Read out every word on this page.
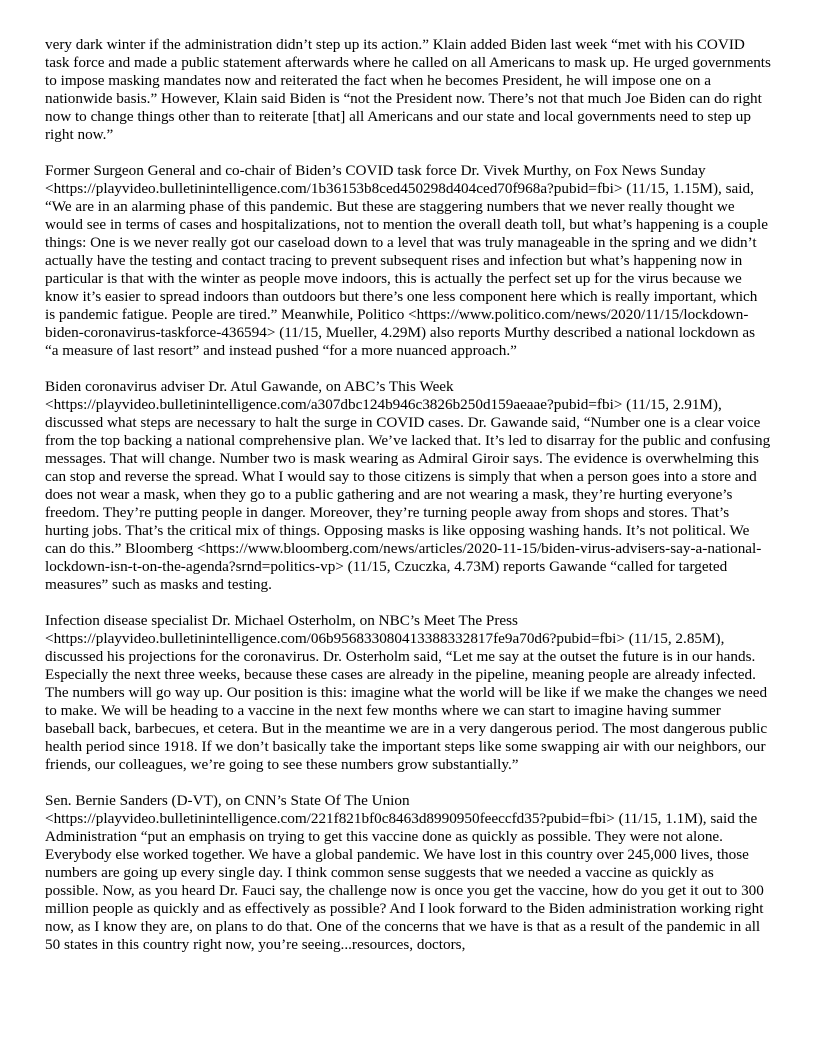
very dark winter if the administration didn’t step up its action.” Klain added Biden last week “met with his COVID task force and made a public statement afterwards where he called on all Americans to mask up. He urged governments to impose masking mandates now and reiterated the fact when he becomes President, he will impose one on a nationwide basis.” However, Klain said Biden is “not the President now. There’s not that much Joe Biden can do right now to change things other than to reiterate [that] all Americans and our state and local governments need to step up right now.”

Former Surgeon General and co-chair of Biden’s COVID task force Dr. Vivek Murthy, on Fox News Sunday <https://playvideo.bulletinintelligence.com/1b36153b8ced450298d404ced70f968a?pubid=fbi> (11/15, 1.15M), said, “We are in an alarming phase of this pandemic. But these are staggering numbers that we never really thought we would see in terms of cases and hospitalizations, not to mention the overall death toll, but what’s happening is a couple things: One is we never really got our caseload down to a level that was truly manageable in the spring and we didn’t actually have the testing and contact tracing to prevent subsequent rises and infection but what’s happening now in particular is that with the winter as people move indoors, this is actually the perfect set up for the virus because we know it’s easier to spread indoors than outdoors but there’s one less component here which is really important, which is pandemic fatigue. People are tired.” Meanwhile, Politico <https://www.politico.com/news/2020/11/15/lockdown-biden-coronavirus-taskforce-436594> (11/15, Mueller, 4.29M) also reports Murthy described a national lockdown as “a measure of last resort” and instead pushed “for a more nuanced approach.”

Biden coronavirus adviser Dr. Atul Gawande, on ABC’s This Week <https://playvideo.bulletinintelligence.com/a307dbc124b946c3826b250d159aeaae?pubid=fbi> (11/15, 2.91M), discussed what steps are necessary to halt the surge in COVID cases. Dr. Gawande said, “Number one is a clear voice from the top backing a national comprehensive plan. We’ve lacked that. It’s led to disarray for the public and confusing messages. That will change. Number two is mask wearing as Admiral Giroir says. The evidence is overwhelming this can stop and reverse the spread. What I would say to those citizens is simply that when a person goes into a store and does not wear a mask, when they go to a public gathering and are not wearing a mask, they’re hurting everyone’s freedom. They’re putting people in danger. Moreover, they’re turning people away from shops and stores. That’s hurting jobs. That’s the critical mix of things. Opposing masks is like opposing washing hands. It’s not political. We can do this.” Bloomberg <https://www.bloomberg.com/news/articles/2020-11-15/biden-virus-advisers-say-a-national-lockdown-isn-t-on-the-agenda?srnd=politics-vp> (11/15, Czuczka, 4.73M) reports Gawande “called for targeted measures” such as masks and testing.

Infection disease specialist Dr. Michael Osterholm, on NBC’s Meet The Press <https://playvideo.bulletinintelligence.com/06b95683308041338833​2817fe9a70d6?pubid=fbi> (11/15, 2.85M), discussed his projections for the coronavirus. Dr. Osterholm said, “Let me say at the outset the future is in our hands. Especially the next three weeks, because these cases are already in the pipeline, meaning people are already infected. The numbers will go way up. Our position is this: imagine what the world will be like if we make the changes we need to make. We will be heading to a vaccine in the next few months where we can start to imagine having summer baseball back, barbecues, et cetera. But in the meantime we are in a very dangerous period. The most dangerous public health period since 1918. If we don’t basically take the important steps like some swapping air with our neighbors, our friends, our colleagues, we’re going to see these numbers grow substantially.”

Sen. Bernie Sanders (D-VT), on CNN’s State Of The Union <https://playvideo.bulletinintelligence.com/221f821bf0c8463d8990950feeccfd35?pubid=fbi> (11/15, 1.1M), said the Administration “put an emphasis on trying to get this vaccine done as quickly as possible. They were not alone. Everybody else worked together. We have a global pandemic. We have lost in this country over 245,000 lives, those numbers are going up every single day. I think common sense suggests that we needed a vaccine as quickly as possible. Now, as you heard Dr. Fauci say, the challenge now is once you get the vaccine, how do you get it out to 300 million people as quickly and as effectively as possible? And I look forward to the Biden administration working right now, as I know they are, on plans to do that. One of the concerns that we have is that as a result of the pandemic in all 50 states in this country right now, you’re seeing...resources, doctors,
